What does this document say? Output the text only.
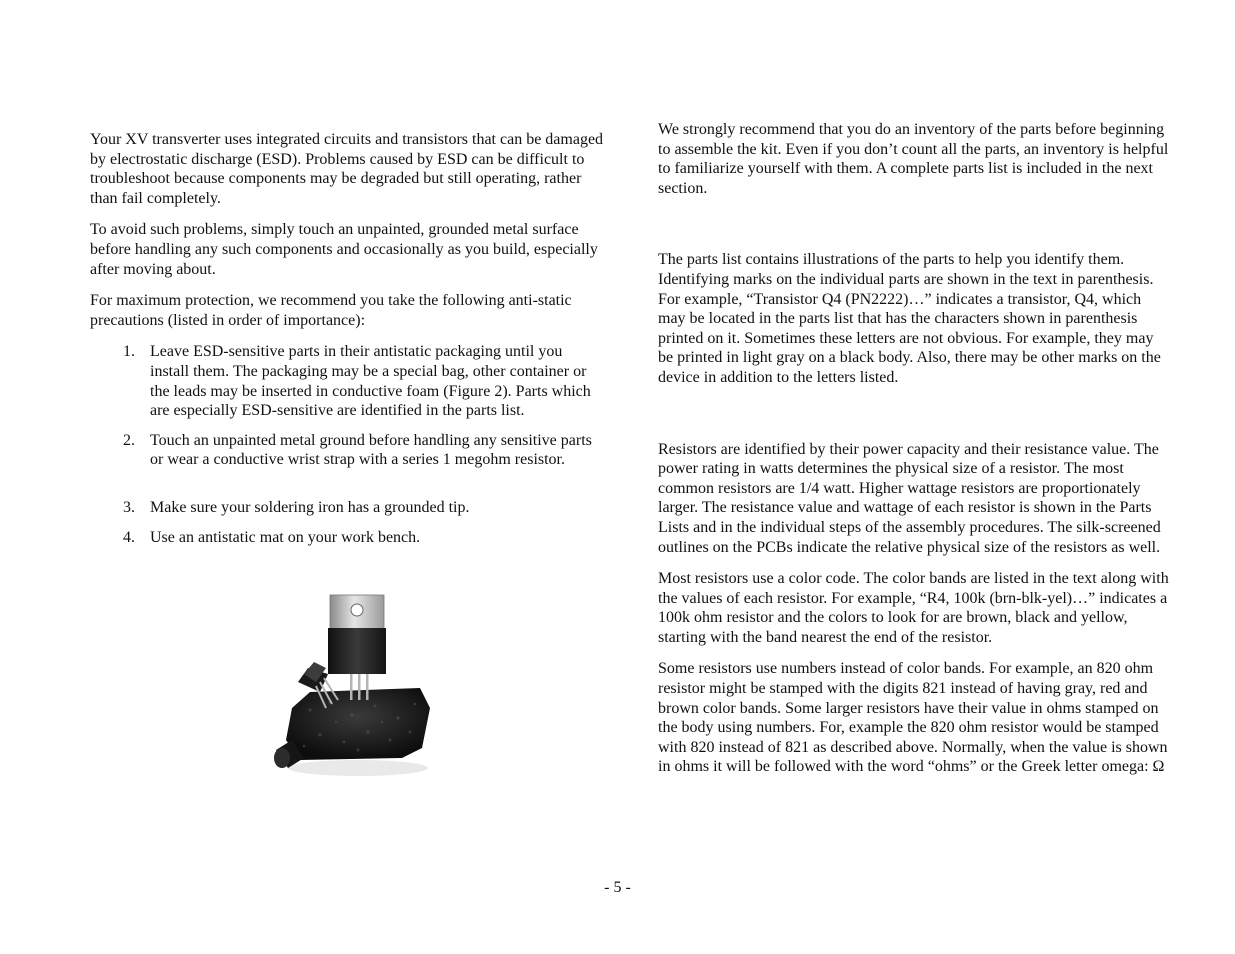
Your XV transverter uses integrated circuits and transistors that can be damaged by electrostatic discharge (ESD). Problems caused by ESD can be difficult to troubleshoot because components may be degraded but still operating, rather than fail completely.

To avoid such problems, simply touch an unpainted, grounded metal surface before handling any such components and occasionally as you build, especially after moving about.

For maximum protection, we recommend you take the following anti-static precautions (listed in order of importance):

1. Leave ESD-sensitive parts in their antistatic packaging until you install them. The packaging may be a special bag, other container or the leads may be inserted in conductive foam (Figure 2). Parts which are especially ESD-sensitive are identified in the parts list.
2. Touch an unpainted metal ground before handling any sensitive parts or wear a conductive wrist strap with a series 1 megohm resistor.
3. Make sure your soldering iron has a grounded tip.
4. Use an antistatic mat on your work bench.

We strongly recommend that you do an inventory of the parts before beginning to assemble the kit. Even if you don’t count all the parts, an inventory is helpful to familiarize yourself with them. A complete parts list is included in the next section.

The parts list contains illustrations of the parts to help you identify them. Identifying marks on the individual parts are shown in the text in parenthesis. For example, “Transistor Q4 (PN2222)…” indicates a transistor, Q4, which may be located in the parts list that has the characters shown in parenthesis printed on it. Sometimes these letters are not obvious. For example, they may be printed in light gray on a black body. Also, there may be other marks on the device in addition to the letters listed.

Resistors are identified by their power capacity and their resistance value. The power rating in watts determines the physical size of a resistor. The most common resistors are 1/4 watt. Higher wattage resistors are proportionately larger. The resistance value and wattage of each resistor is shown in the Parts Lists and in the individual steps of the assembly procedures. The silk-screened outlines on the PCBs indicate the relative physical size of the resistors as well.

Most resistors use a color code. The color bands are listed in the text along with the values of each resistor. For example, “R4, 100k (brn-blk-yel)…” indicates a 100k ohm resistor and the colors to look for are brown, black and yellow, starting with the band nearest the end of the resistor.

Some resistors use numbers instead of color bands. For example, an 820 ohm resistor might be stamped with the digits 821 instead of having gray, red and brown color bands. Some larger resistors have their value in ohms stamped on the body using numbers. For, example the 820 ohm resistor would be stamped with 820 instead of 821 as described above. Normally, when the value is shown in ohms it will be followed with the word “ohms” or the Greek letter omega: Ω

- 5 -
